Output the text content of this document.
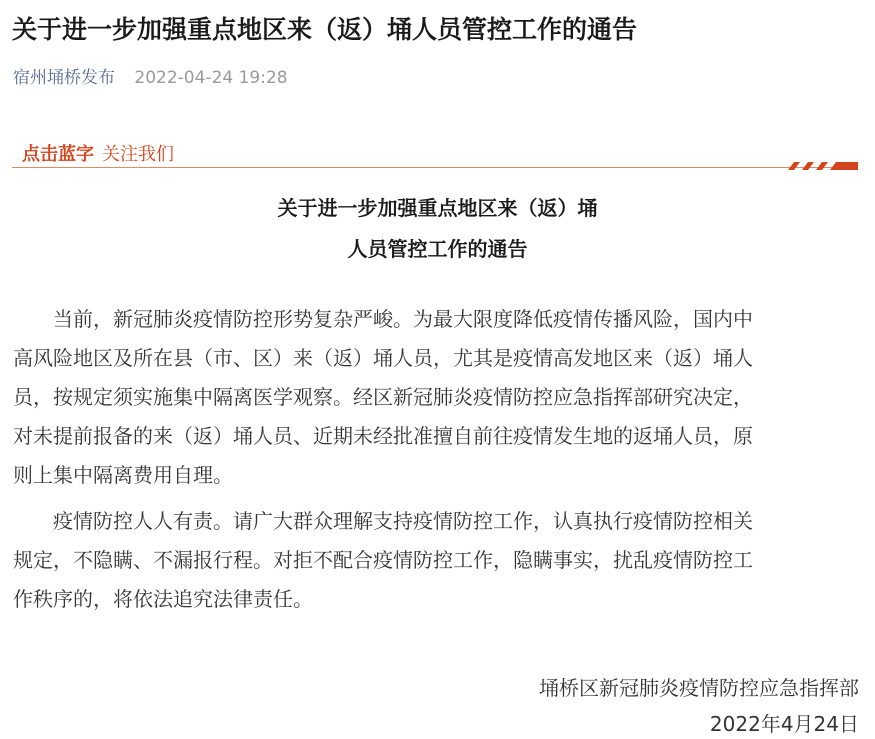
关于进一步加强重点地区来（返）埇人员管控工作的通告
宿州埇桥发布 2022-04-24 19:28
点击蓝字 关注我们
关于进一步加强重点地区来（返）埇
人员管控工作的通告
　　当前，新冠肺炎疫情防控形势复杂严峻。为最大限度降低疫情传播风险，国内中
高风险地区及所在县（市、区）来（返）埇人员，尤其是疫情高发地区来（返）埇人
员，按规定须实施集中隔离医学观察。经区新冠肺炎疫情防控应急指挥部研究决定，
对未提前报备的来（返）埇人员、近期未经批准擅自前往疫情发生地的返埇人员，原
则上集中隔离费用自理。
　　疫情防控人人有责。请广大群众理解支持疫情防控工作，认真执行疫情防控相关
规定，不隐瞒、不漏报行程。对拒不配合疫情防控工作，隐瞒事实，扰乱疫情防控工
作秩序的，将依法追究法律责任。
埇桥区新冠肺炎疫情防控应急指挥部
2022年4月24日
